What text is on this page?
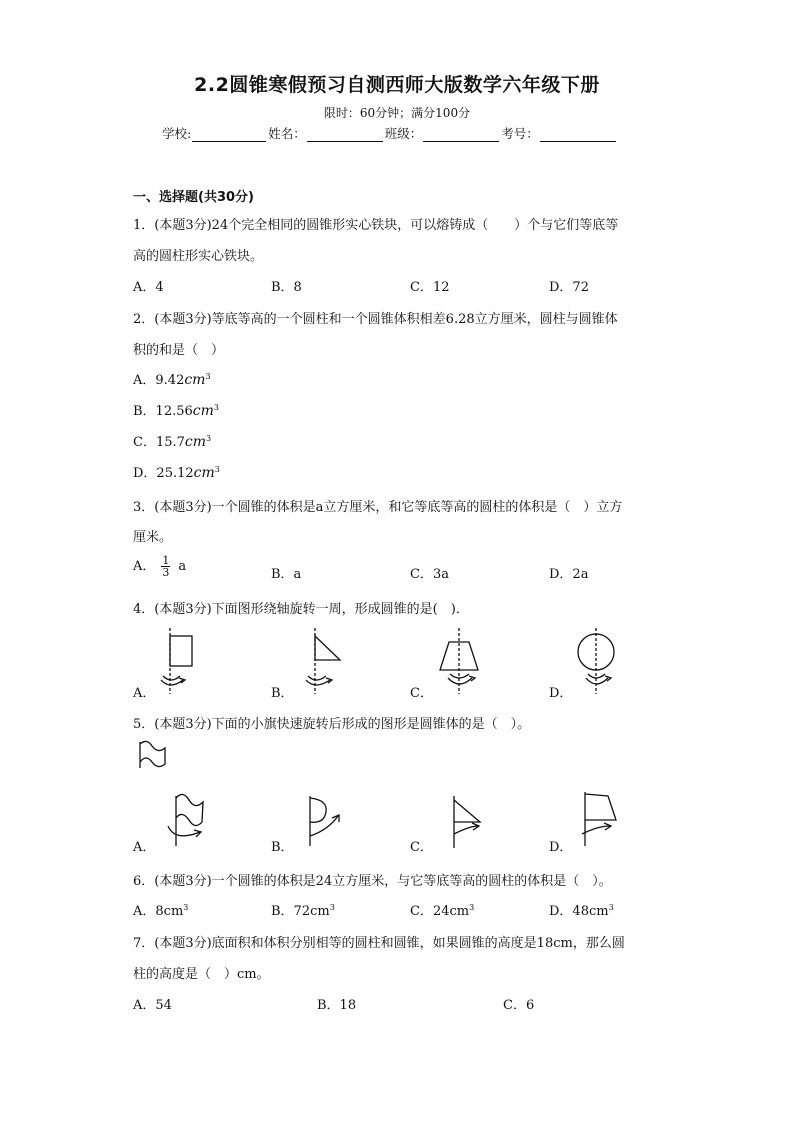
2.2圆锥寒假预习自测西师大版数学六年级下册
限时：60分钟；满分100分
学校:	姓名：	班级：	考号：
一、选择题(共30分)
1．(本题3分)24个完全相同的圆锥形实心铁块，可以熔铸成（　　）个与它们等底等
高的圆柱形实心铁块。
A．4	B．8	C．12	D．72
2．(本题3分)等底等高的一个圆柱和一个圆锥体积相差6.28立方厘米，圆柱与圆锥体
积的和是（　）
A．$9.42cm^3$
B．$12.56cm^3$
C．$15.7cm^3$
D．$25.12cm^3$
3．(本题3分)一个圆锥的体积是a立方厘米，和它等底等高的圆柱的体积是（　）立方
厘米。
A． $\frac{1}{3}$ a
B．a	C．3a	D．2a
4．(本题3分)下面图形绕轴旋转一周，形成圆锥的是(　)．
A．	B．	C．	D．
5．(本题3分)下面的小旗快速旋转后形成的图形是圆锥体的是（　）。
A．	B．	C．	D．
6．(本题3分)一个圆锥的体积是24立方厘米，与它等底等高的圆柱的体积是（　）。
A．$8cm^3$	B．$72cm^3$	C．$24cm^3$	D．$48cm^3$
7．(本题3分)底面积和体积分别相等的圆柱和圆锥，如果圆锥的高度是18cm，那么圆
柱的高度是（　）cm。
A．54	B．18	C．6
